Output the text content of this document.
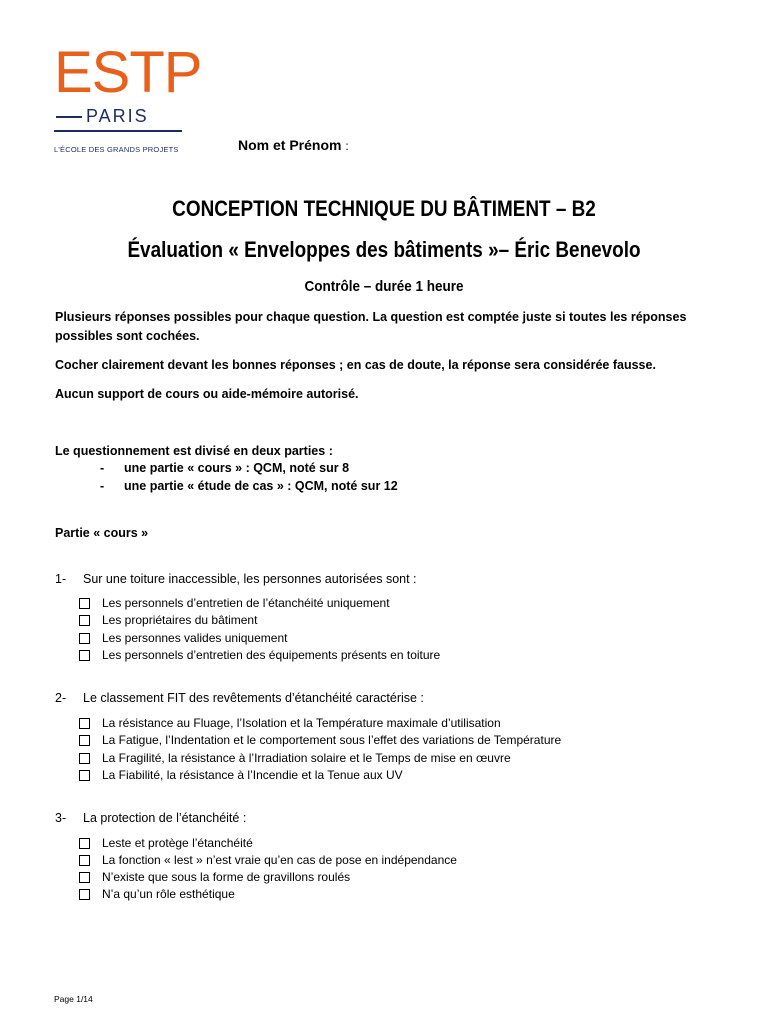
ESTP
PARIS
L'ÉCOLE DES GRANDS PROJETS	Nom et Prénom :
CONCEPTION TECHNIQUE DU BÂTIMENT – B2
Évaluation « Enveloppes des bâtiments »– Éric Benevolo
Contrôle – durée 1 heure
Plusieurs réponses possibles pour chaque question. La question est comptée juste si toutes les réponses possibles sont cochées.
Cocher clairement devant les bonnes réponses ; en cas de doute, la réponse sera considérée fausse.
Aucun support de cours ou aide-mémoire autorisé.
Le questionnement est divisé en deux parties :
- une partie « cours » : QCM, noté sur 8
- une partie « étude de cas » : QCM, noté sur 12
Partie « cours »
1- Sur une toiture inaccessible, les personnes autorisées sont :
Les personnels d’entretien de l’étanchéité uniquement
Les propriétaires du bâtiment
Les personnes valides uniquement
Les personnels d’entretien des équipements présents en toiture
2- Le classement FIT des revêtements d’étanchéité caractérise :
La résistance au Fluage, l’Isolation et la Température maximale d’utilisation
La Fatigue, l’Indentation et le comportement sous l’effet des variations de Température
La Fragilité, la résistance à l’Irradiation solaire et le Temps de mise en œuvre
La Fiabilité, la résistance à l’Incendie et la Tenue aux UV
3- La protection de l’étanchéité :
Leste et protège l’étanchéité
La fonction « lest » n’est vraie qu’en cas de pose en indépendance
N’existe que sous la forme de gravillons roulés
N’a qu’un rôle esthétique
Page 1/14
